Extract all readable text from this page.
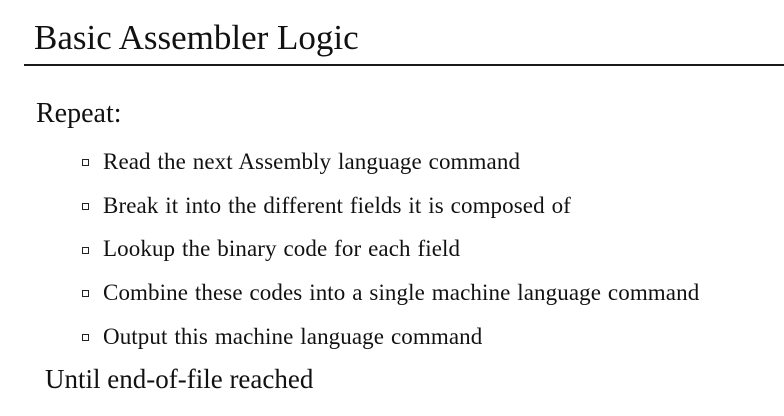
Basic Assembler Logic
Repeat:
Read the next Assembly language command
Break it into the different fields it is composed of
Lookup the binary code for each field
Combine these codes into a single machine language command
Output this machine language command
Until end-of-file reached
